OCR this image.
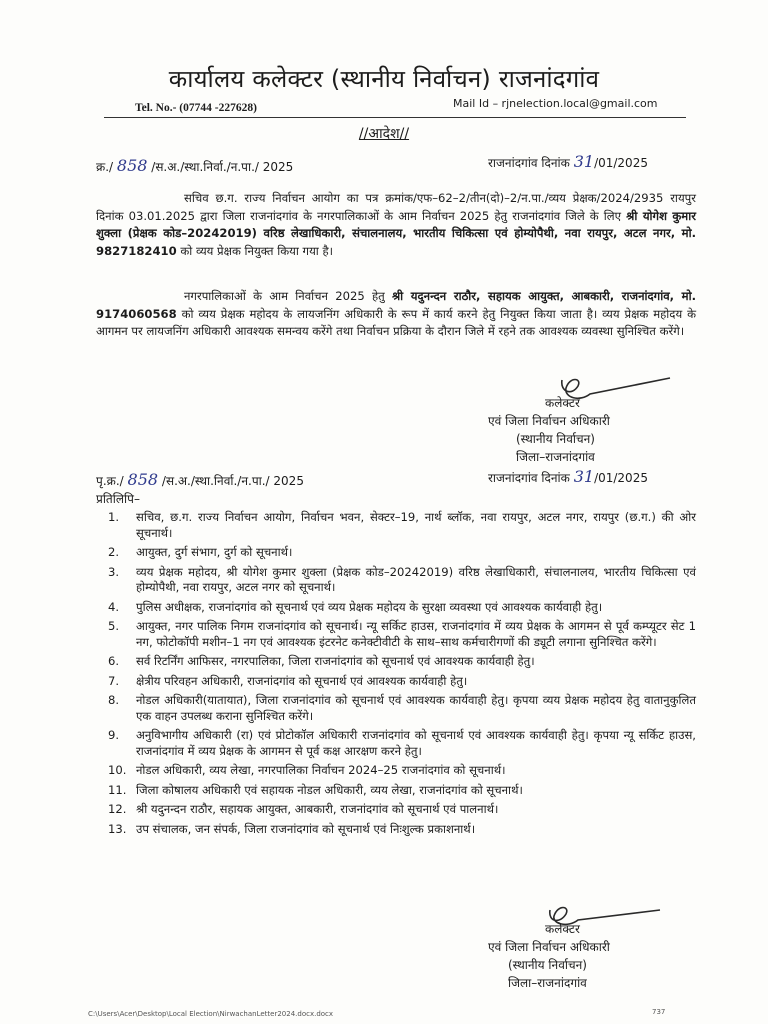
कार्यालय कलेक्टर (स्थानीय निर्वाचन) राजनांदगांव
Tel. No.- (07744 -227628)	Mail Id – rjnelection.local@gmail.com
//आदेश//
क्र./ 858 /स.अ./स्था.निर्वा./न.पा./ 2025	राजनांदगांव दिनांक 31/01/2025
सचिव छ.ग. राज्य निर्वाचन आयोग का पत्र क्रमांक/एफ–62–2/तीन(दो)–2/न.पा./व्यय प्रेक्षक/2024/2935 रायपुर दिनांक 03.01.2025 द्वारा जिला राजनांदगांव के नगरपालिकाओं के आम निर्वाचन 2025 हेतु राजनांदगांव जिले के लिए श्री योगेश कुमार शुक्ला (प्रेक्षक कोड–20242019) वरिष्ठ लेखाधिकारी, संचालनालय, भारतीय चिकित्सा एवं होम्योपैथी, नवा रायपुर, अटल नगर, मो. 9827182410 को व्यय प्रेक्षक नियुक्त किया गया है।
नगरपालिकाओं के आम निर्वाचन 2025 हेतु श्री यदुनन्दन राठौर, सहायक आयुक्त, आबकारी, राजनांदगांव, मो. 9174060568 को व्यय प्रेक्षक महोदय के लायजनिंग अधिकारी के रूप में कार्य करने हेतु नियुक्त किया जाता है। व्यय प्रेक्षक महोदय के आगमन पर लायजनिंग अधिकारी आवश्यक समन्वय करेंगे तथा निर्वाचन प्रक्रिया के दौरान जिले में रहने तक आवश्यक व्यवस्था सुनिश्चित करेंगे।
कलेक्टर
एवं जिला निर्वाचन अधिकारी
(स्थानीय निर्वाचन)
जिला–राजनांदगांव
पृ.क्र./ 858 /स.अ./स्था.निर्वा./न.पा./ 2025	राजनांदगांव दिनांक 31/01/2025
प्रतिलिपि–
1. सचिव, छ.ग. राज्य निर्वाचन आयोग, निर्वाचन भवन, सेक्टर–19, नार्थ ब्लॉक, नवा रायपुर, अटल नगर, रायपुर (छ.ग.) की ओर सूचनार्थ।
2. आयुक्त, दुर्ग संभाग, दुर्ग को सूचनार्थ।
3. व्यय प्रेक्षक महोदय, श्री योगेश कुमार शुक्ला (प्रेक्षक कोड–20242019) वरिष्ठ लेखाधिकारी, संचालनालय, भारतीय चिकित्सा एवं होम्योपैथी, नवा रायपुर, अटल नगर को सूचनार्थ।
4. पुलिस अधीक्षक, राजनांदगांव को सूचनार्थ एवं व्यय प्रेक्षक महोदय के सुरक्षा व्यवस्था एवं आवश्यक कार्यवाही हेतु।
5. आयुक्त, नगर पालिक निगम राजनांदगांव को सूचनार्थ। न्यू सर्किट हाउस, राजनांदगांव में व्यय प्रेक्षक के आगमन से पूर्व कम्प्यूटर सेट 1 नग, फोटोकॉपी मशीन–1 नग एवं आवश्यक इंटरनेट कनेक्टीवीटी के साथ–साथ कर्मचारीगणों की ड्यूटी लगाना सुनिश्चित करेंगे।
6. सर्व रिटर्निंग आफिसर, नगरपालिका, जिला राजनांदगांव को सूचनार्थ एवं आवश्यक कार्यवाही हेतु।
7. क्षेत्रीय परिवहन अधिकारी, राजनांदगांव को सूचनार्थ एवं आवश्यक कार्यवाही हेतु।
8. नोडल अधिकारी(यातायात), जिला राजनांदगांव को सूचनार्थ एवं आवश्यक कार्यवाही हेतु। कृपया व्यय प्रेक्षक महोदय हेतु वातानुकुलित एक वाहन उपलब्ध कराना सुनिश्चित करेंगे।
9. अनुविभागीय अधिकारी (रा) एवं प्रोटोकॉल अधिकारी राजनांदगांव को सूचनार्थ एवं आवश्यक कार्यवाही हेतु। कृपया न्यू सर्किट हाउस, राजनांदगांव में व्यय प्रेक्षक के आगमन से पूर्व कक्ष आरक्षण करने हेतु।
10. नोडल अधिकारी, व्यय लेखा, नगरपालिका निर्वाचन 2024–25 राजनांदगांव को सूचनार्थ।
11. जिला कोषालय अधिकारी एवं सहायक नोडल अधिकारी, व्यय लेखा, राजनांदगांव को सूचनार्थ।
12. श्री यदुनन्दन राठौर, सहायक आयुक्त, आबकारी, राजनांदगांव को सूचनार्थ एवं पालनार्थ।
13. उप संचालक, जन संपर्क, जिला राजनांदगांव को सूचनार्थ एवं निःशुल्क प्रकाशनार्थ।
कलेक्टर
एवं जिला निर्वाचन अधिकारी
(स्थानीय निर्वाचन)
जिला–राजनांदगांव
C:\Users\Acer\Desktop\Local Election\NirwachanLetter2024.docx.docx	737
